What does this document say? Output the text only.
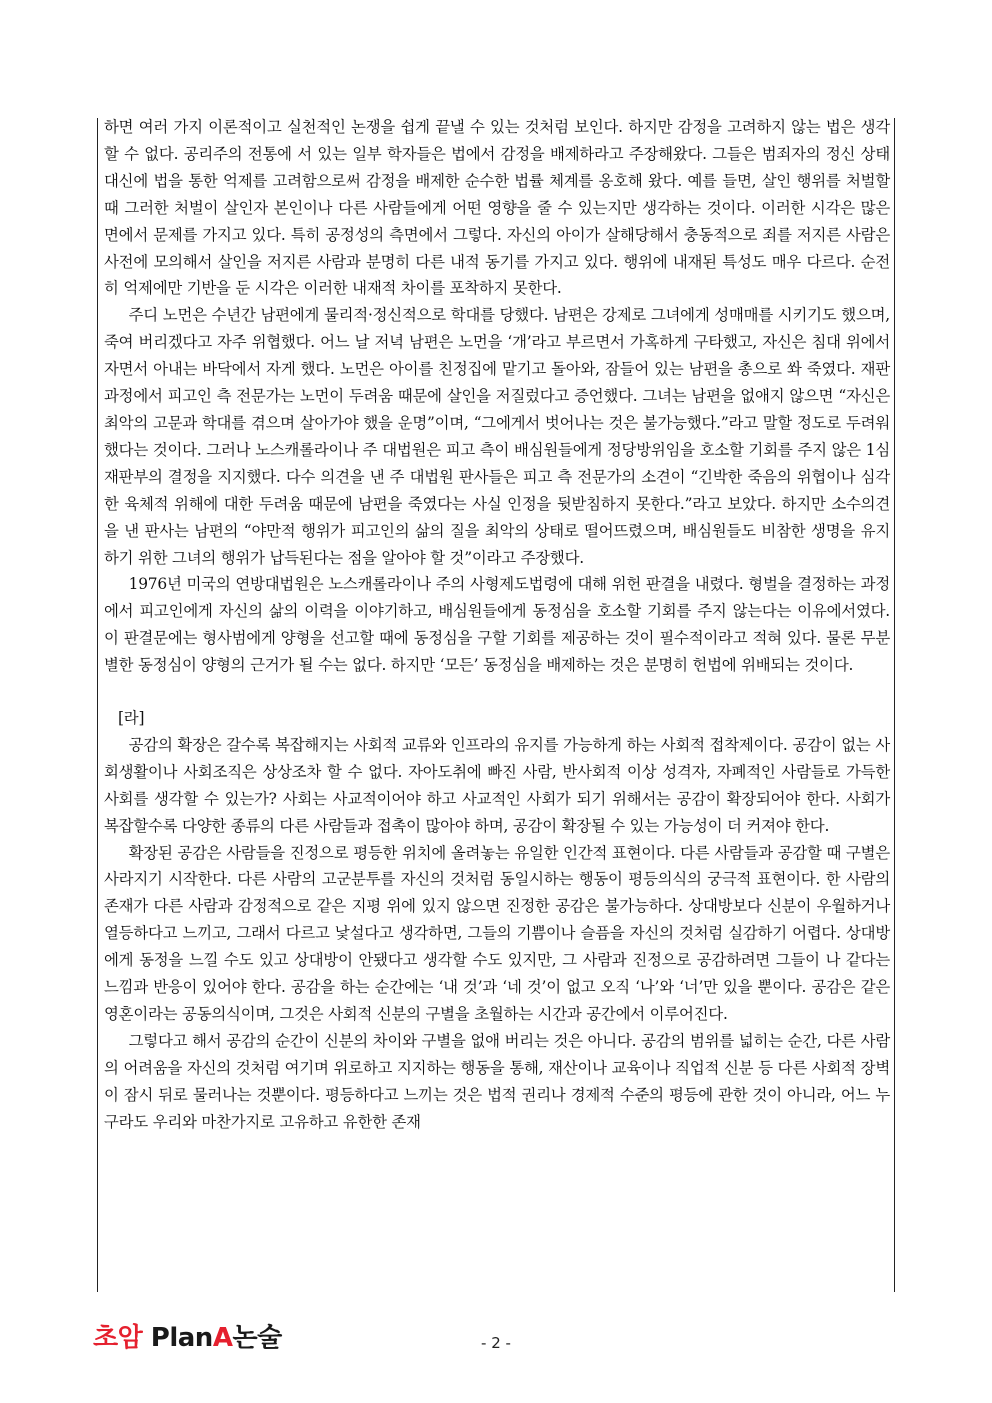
하면 여러 가지 이론적이고 실천적인 논쟁을 쉽게 끝낼 수 있는 것처럼 보인다. 하지만 감정을 고려하지 않는 법은 생각할 수 없다. 공리주의 전통에 서 있는 일부 학자들은 법에서 감정을 배제하라고 주장해왔다. 그들은 범죄자의 정신 상태 대신에 법을 통한 억제를 고려함으로써 감정을 배제한 순수한 법률 체계를 옹호해 왔다. 예를 들면, 살인 행위를 처벌할 때 그러한 처벌이 살인자 본인이나 다른 사람들에게 어떤 영향을 줄 수 있는지만 생각하는 것이다. 이러한 시각은 많은 면에서 문제를 가지고 있다. 특히 공정성의 측면에서 그렇다. 자신의 아이가 살해당해서 충동적으로 죄를 저지른 사람은 사전에 모의해서 살인을 저지른 사람과 분명히 다른 내적 동기를 가지고 있다. 행위에 내재된 특성도 매우 다르다. 순전히 억제에만 기반을 둔 시각은 이러한 내재적 차이를 포착하지 못한다.

주디 노먼은 수년간 남편에게 물리적·정신적으로 학대를 당했다. 남편은 강제로 그녀에게 성매매를 시키기도 했으며, 죽여 버리겠다고 자주 위협했다. 어느 날 저녁 남편은 노먼을 ‘개’라고 부르면서 가혹하게 구타했고, 자신은 침대 위에서 자면서 아내는 바닥에서 자게 했다. 노먼은 아이를 친정집에 맡기고 돌아와, 잠들어 있는 남편을 총으로 쏴 죽였다. 재판 과정에서 피고인 측 전문가는 노먼이 두려움 때문에 살인을 저질렀다고 증언했다. 그녀는 남편을 없애지 않으면 “자신은 최악의 고문과 학대를 겪으며 살아가야 했을 운명”이며, “그에게서 벗어나는 것은 불가능했다.”라고 말할 정도로 두려워했다는 것이다. 그러나 노스캐롤라이나 주 대법원은 피고 측이 배심원들에게 정당방위임을 호소할 기회를 주지 않은 1심 재판부의 결정을 지지했다. 다수 의견을 낸 주 대법원 판사들은 피고 측 전문가의 소견이 “긴박한 죽음의 위협이나 심각한 육체적 위해에 대한 두려움 때문에 남편을 죽였다는 사실 인정을 뒷받침하지 못한다.”라고 보았다. 하지만 소수의견을 낸 판사는 남편의 “야만적 행위가 피고인의 삶의 질을 최악의 상태로 떨어뜨렸으며, 배심원들도 비참한 생명을 유지하기 위한 그녀의 행위가 납득된다는 점을 알아야 할 것”이라고 주장했다.

1976년 미국의 연방대법원은 노스캐롤라이나 주의 사형제도법령에 대해 위헌 판결을 내렸다. 형벌을 결정하는 과정에서 피고인에게 자신의 삶의 이력을 이야기하고, 배심원들에게 동정심을 호소할 기회를 주지 않는다는 이유에서였다. 이 판결문에는 형사범에게 양형을 선고할 때에 동정심을 구할 기회를 제공하는 것이 필수적이라고 적혀 있다. 물론 무분별한 동정심이 양형의 근거가 될 수는 없다. 하지만 ‘모든’ 동정심을 배제하는 것은 분명히 헌법에 위배되는 것이다.

[라]

공감의 확장은 갈수록 복잡해지는 사회적 교류와 인프라의 유지를 가능하게 하는 사회적 접착제이다. 공감이 없는 사회생활이나 사회조직은 상상조차 할 수 없다. 자아도취에 빠진 사람, 반사회적 이상 성격자, 자폐적인 사람들로 가득한 사회를 생각할 수 있는가? 사회는 사교적이어야 하고 사교적인 사회가 되기 위해서는 공감이 확장되어야 한다. 사회가 복잡할수록 다양한 종류의 다른 사람들과 접촉이 많아야 하며, 공감이 확장될 수 있는 가능성이 더 커져야 한다.

확장된 공감은 사람들을 진정으로 평등한 위치에 올려놓는 유일한 인간적 표현이다. 다른 사람들과 공감할 때 구별은 사라지기 시작한다. 다른 사람의 고군분투를 자신의 것처럼 동일시하는 행동이 평등의식의 궁극적 표현이다. 한 사람의 존재가 다른 사람과 감정적으로 같은 지평 위에 있지 않으면 진정한 공감은 불가능하다. 상대방보다 신분이 우월하거나 열등하다고 느끼고, 그래서 다르고 낯설다고 생각하면, 그들의 기쁨이나 슬픔을 자신의 것처럼 실감하기 어렵다. 상대방에게 동정을 느낄 수도 있고 상대방이 안됐다고 생각할 수도 있지만, 그 사람과 진정으로 공감하려면 그들이 나 같다는 느낌과 반응이 있어야 한다. 공감을 하는 순간에는 ‘내 것’과 ‘네 것’이 없고 오직 ‘나’와 ‘너’만 있을 뿐이다. 공감은 같은 영혼이라는 공동의식이며, 그것은 사회적 신분의 구별을 초월하는 시간과 공간에서 이루어진다.

그렇다고 해서 공감의 순간이 신분의 차이와 구별을 없애 버리는 것은 아니다. 공감의 범위를 넓히는 순간, 다른 사람의 어려움을 자신의 것처럼 여기며 위로하고 지지하는 행동을 통해, 재산이나 교육이나 직업적 신분 등 다른 사회적 장벽이 잠시 뒤로 물러나는 것뿐이다. 평등하다고 느끼는 것은 법적 권리나 경제적 수준의 평등에 관한 것이 아니라, 어느 누구라도 우리와 마찬가지로 고유하고 유한한 존재

초암 PlanA논술	- 2 -
